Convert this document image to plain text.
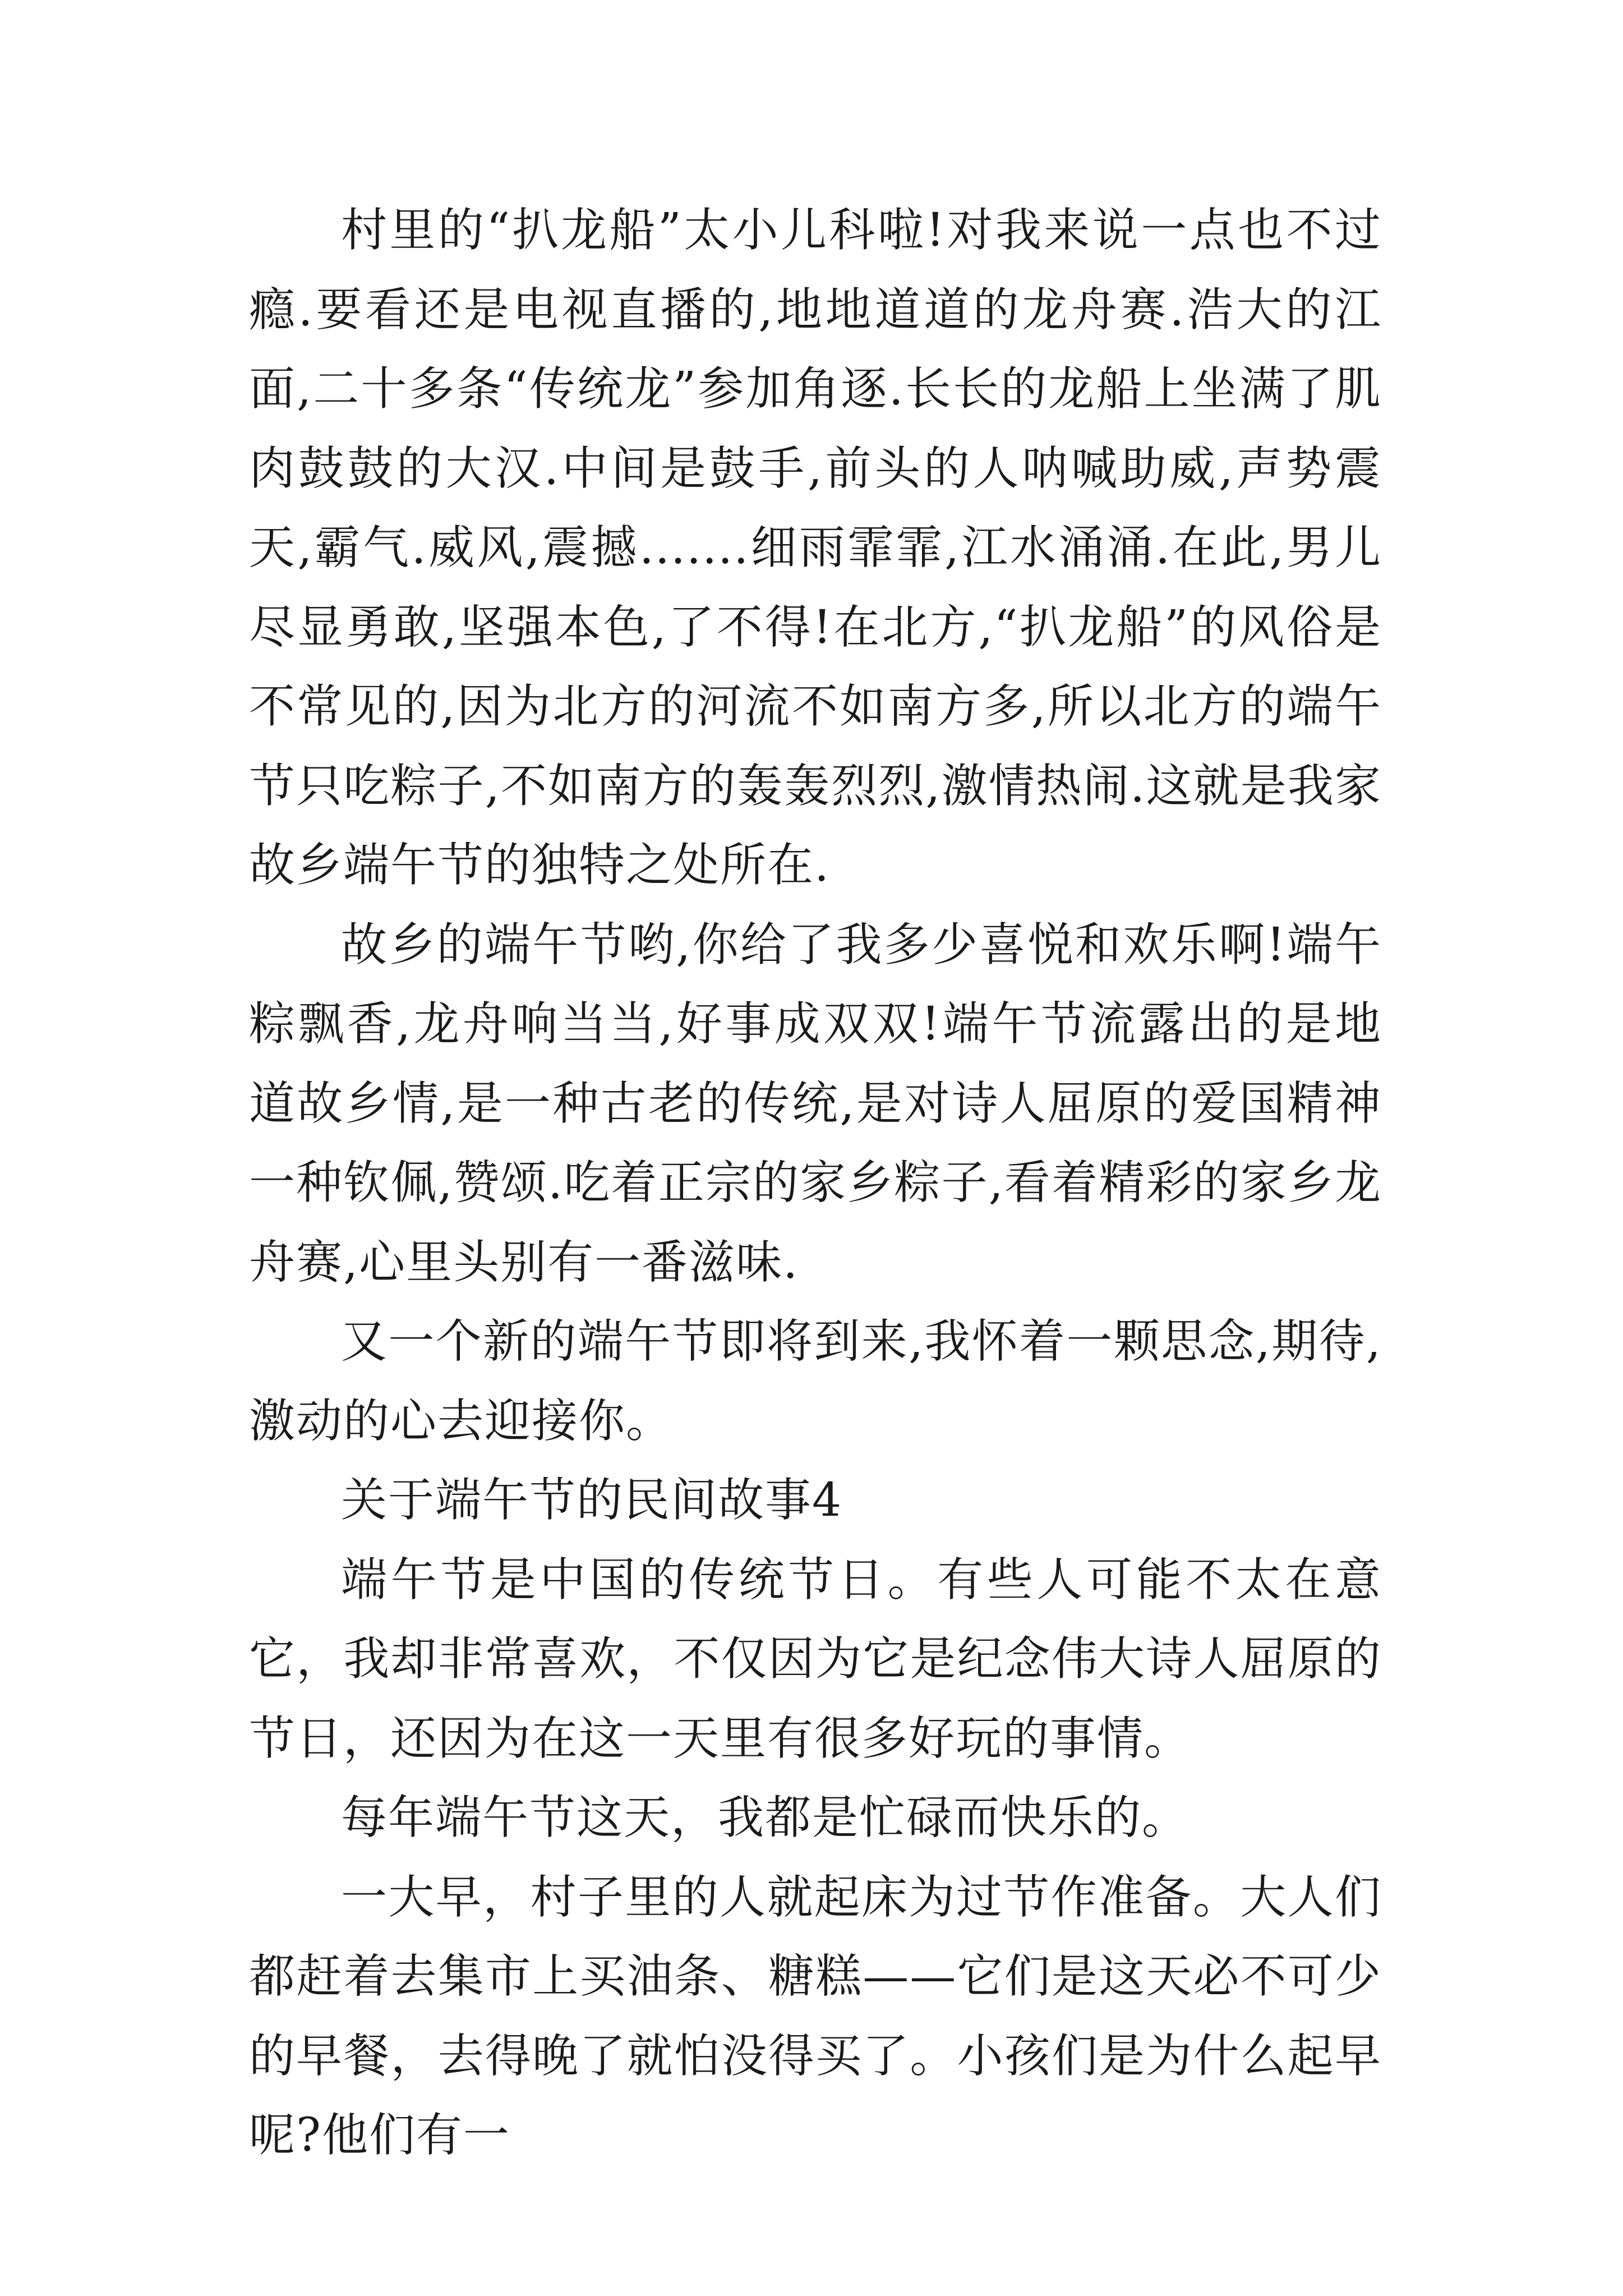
村里的“扒龙船”太小儿科啦!对我来说一点也不过瘾.要看还是电视直播的,地地道道的龙舟赛.浩大的江面,二十多条“传统龙”参加角逐.长长的龙船上坐满了肌肉鼓鼓的大汉.中间是鼓手,前头的人呐喊助威,声势震天,霸气.威风,震撼.......细雨霏霏,江水涌涌.在此,男儿尽显勇敢,坚强本色,了不得!在北方,“扒龙船”的风俗是不常见的,因为北方的河流不如南方多,所以北方的端午节只吃粽子,不如南方的轰轰烈烈,激情热闹.这就是我家故乡端午节的独特之处所在.

故乡的端午节哟,你给了我多少喜悦和欢乐啊!端午粽飘香,龙舟响当当,好事成双双!端午节流露出的是地道故乡情,是一种古老的传统,是对诗人屈原的爱国精神一种钦佩,赞颂.吃着正宗的家乡粽子,看着精彩的家乡龙舟赛,心里头别有一番滋味.

又一个新的端午节即将到来,我怀着一颗思念,期待,激动的心去迎接你。

关于端午节的民间故事4

端午节是中国的传统节日。有些人可能不太在意它，我却非常喜欢，不仅因为它是纪念伟大诗人屈原的节日，还因为在这一天里有很多好玩的事情。

每年端午节这天，我都是忙碌而快乐的。

一大早，村子里的人就起床为过节作准备。大人们都赶着去集市上买油条、糖糕——它们是这天必不可少的早餐，去得晚了就怕没得买了。小孩们是为什么起早呢?他们有一
